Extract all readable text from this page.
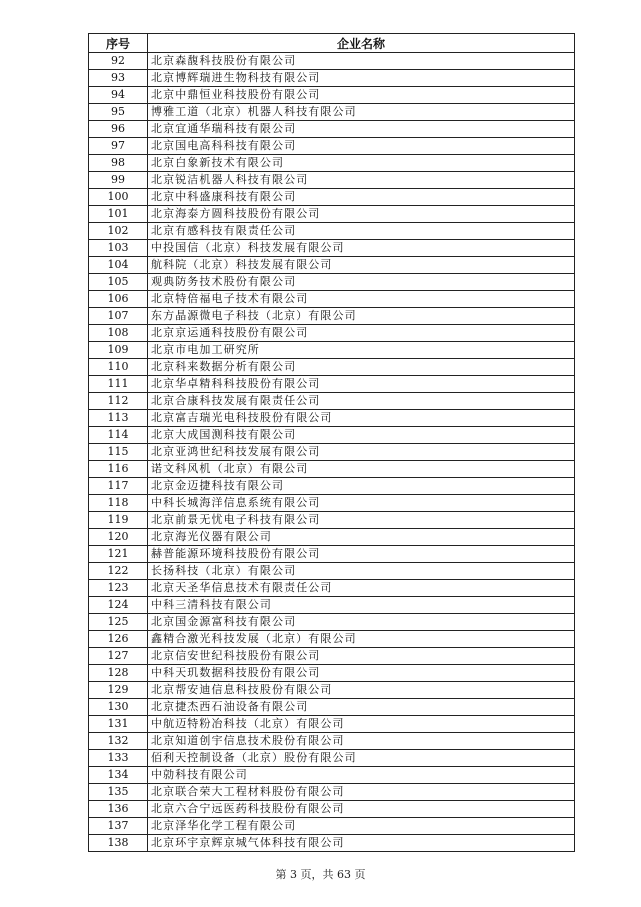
序号	企业名称
92	北京森馥科技股份有限公司
93	北京博辉瑞进生物科技有限公司
94	北京中鼎恒业科技股份有限公司
95	博雅工道（北京）机器人科技有限公司
96	北京宜通华瑞科技有限公司
97	北京国电高科科技有限公司
98	北京白象新技术有限公司
99	北京锐洁机器人科技有限公司
100	北京中科盛康科技有限公司
101	北京海泰方圆科技股份有限公司
102	北京有感科技有限责任公司
103	中投国信（北京）科技发展有限公司
104	航科院（北京）科技发展有限公司
105	观典防务技术股份有限公司
106	北京特倍福电子技术有限公司
107	东方晶源微电子科技（北京）有限公司
108	北京京运通科技股份有限公司
109	北京市电加工研究所
110	北京科来数据分析有限公司
111	北京华卓精科科技股份有限公司
112	北京合康科技发展有限责任公司
113	北京富吉瑞光电科技股份有限公司
114	北京大成国测科技有限公司
115	北京亚鸿世纪科技发展有限公司
116	诺文科风机（北京）有限公司
117	北京金迈捷科技有限公司
118	中科长城海洋信息系统有限公司
119	北京前景无忧电子科技有限公司
120	北京海光仪器有限公司
121	赫普能源环境科技股份有限公司
122	长扬科技（北京）有限公司
123	北京天圣华信息技术有限责任公司
124	中科三清科技有限公司
125	北京国金源富科技有限公司
126	鑫精合激光科技发展（北京）有限公司
127	北京信安世纪科技股份有限公司
128	中科天玑数据科技股份有限公司
129	北京帮安迪信息科技股份有限公司
130	北京捷杰西石油设备有限公司
131	中航迈特粉冶科技（北京）有限公司
132	北京知道创宇信息技术股份有限公司
133	佰利天控制设备（北京）股份有限公司
134	中勍科技有限公司
135	北京联合荣大工程材料股份有限公司
136	北京六合宁远医药科技股份有限公司
137	北京泽华化学工程有限公司
138	北京环宇京辉京城气体科技有限公司
第 3 页，共 63 页
